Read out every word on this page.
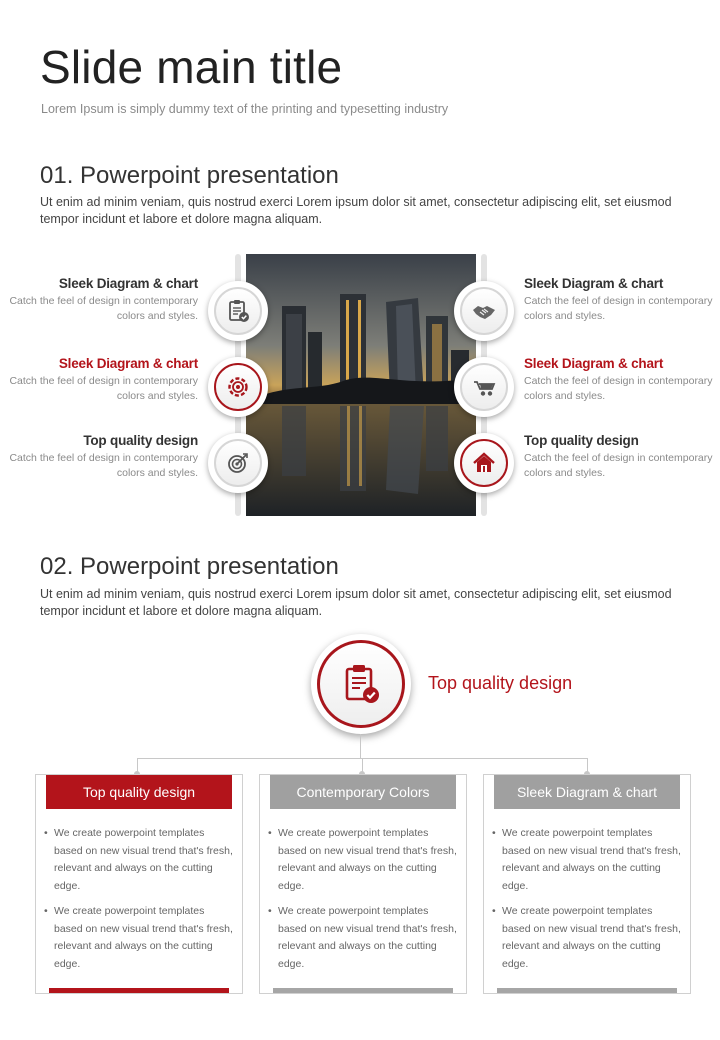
Slide main title
Lorem Ipsum is simply dummy text of the printing and typesetting industry
01. Powerpoint presentation
Ut enim ad minim veniam, quis nostrud exerci Lorem ipsum dolor sit amet, consectetur adipiscing elit, set eiusmod tempor incidunt et labore et dolore magna aliquam.
Sleek Diagram & chart
Catch the feel of design in contemporary colors and styles.
Sleek Diagram & chart
Catch the feel of design in contemporary colors and styles.
Top quality design
Catch the feel of design in contemporary colors and styles.
Sleek Diagram & chart
Catch the feel of design in contemporary colors and styles.
Sleek Diagram & chart
Catch the feel of design in contemporary colors and styles.
Top quality design
Catch the feel of design in contemporary colors and styles.
02. Powerpoint presentation
Ut enim ad minim veniam, quis nostrud exerci Lorem ipsum dolor sit amet, consectetur adipiscing elit, set eiusmod tempor incidunt et labore et dolore magna aliquam.
Top quality design
Top quality design
• We create powerpoint templates based on new visual trend that's fresh, relevant and always on the cutting edge.
• We create powerpoint templates based on new visual trend that's fresh, relevant and always on the cutting edge.
Contemporary Colors
• We create powerpoint templates based on new visual trend that's fresh, relevant and always on the cutting edge.
• We create powerpoint templates based on new visual trend that's fresh, relevant and always on the cutting edge.
Sleek Diagram & chart
• We create powerpoint templates based on new visual trend that's fresh, relevant and always on the cutting edge.
• We create powerpoint templates based on new visual trend that's fresh, relevant and always on the cutting edge.
